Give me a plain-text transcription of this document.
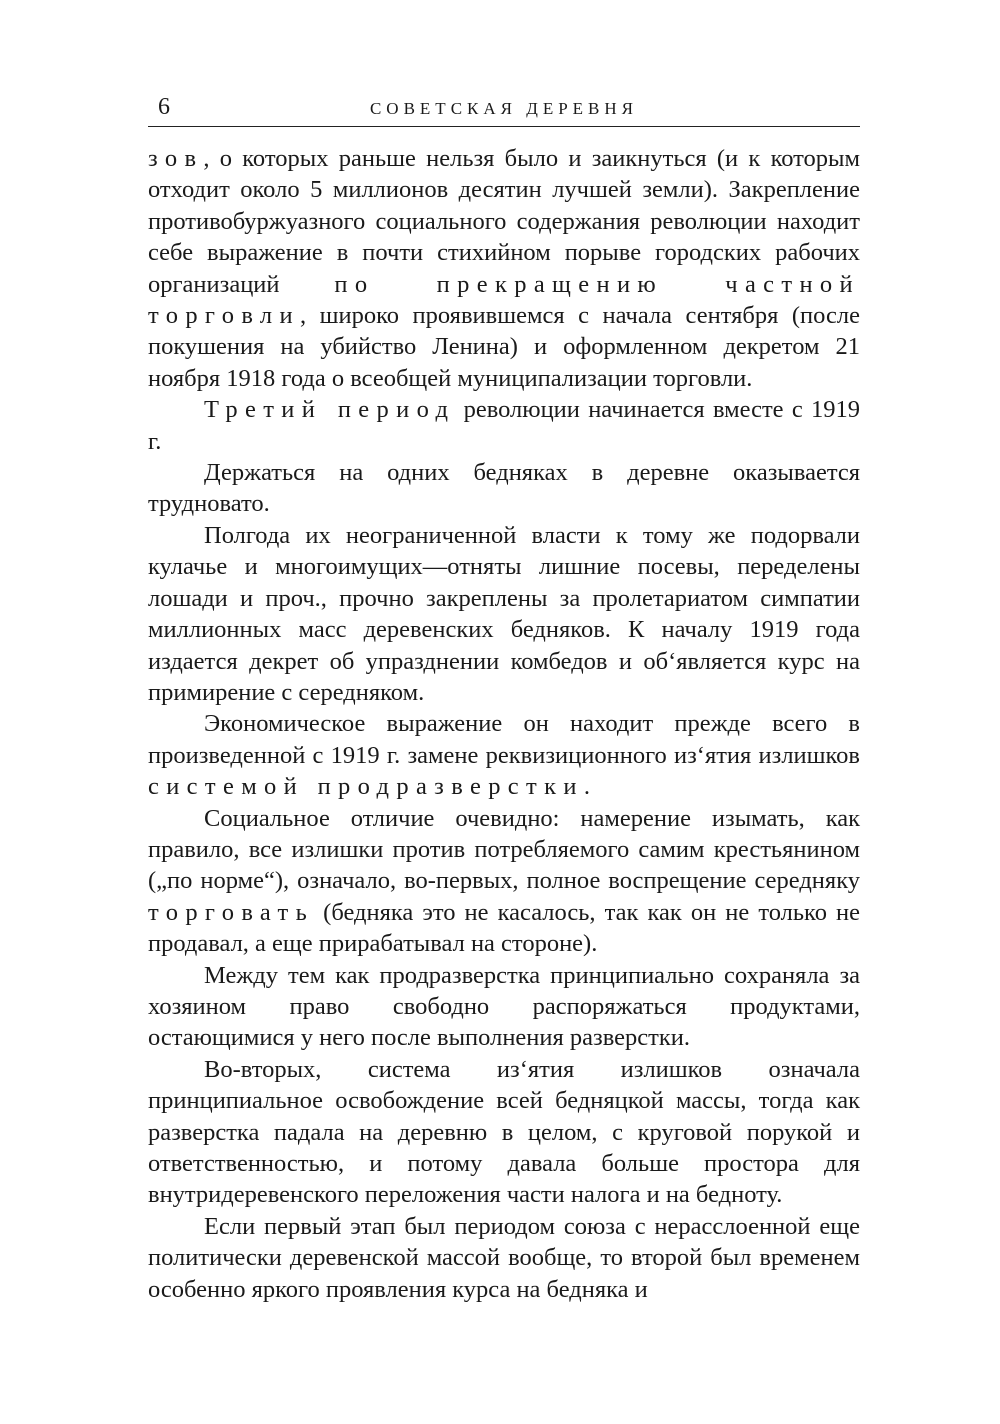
6	СОВЕТСКАЯ ДЕРЕВНЯ

зов, о которых раньше нельзя было и заикнуться (и к которым отходит около 5 миллионов десятин лучшей земли). Закрепление противобуржуазного социального содержания революции находит себе выражение в почти стихийном порыве городских рабочих организаций по прекращению частной торговли, широко проявившемся с начала сентября (после покушения на убийство Ленина) и оформленном декретом 21 ноября 1918 года о всеобщей муниципализации торговли.

Третий период революции начинается вместе с 1919 г.

Держаться на одних бедняках в деревне оказывается трудновато.

Полгода их неограниченной власти к тому же подорвали кулачье и многоимущих—отняты лишние посевы, переделены лошади и проч., прочно закреплены за пролетариатом симпатии миллионных масс деревенских бедняков. К началу 1919 года издается декрет об упразднении комбедов и об‘является курс на примирение с середняком.

Экономическое выражение он находит прежде всего в произведенной с 1919 г. замене реквизиционного из‘ятия излишков системой продразверстки.

Социальное отличие очевидно: намерение изымать, как правило, все излишки против потребляемого самим крестьянином („по норме“), означало, во-первых, полное воспрещение середняку торговать (бедняка это не касалось, так как он не только не продавал, а еще прирабатывал на стороне).

Между тем как продразверстка принципиально сохраняла за хозяином право свободно распоряжаться продуктами, остающимися у него после выполнения разверстки.

Во-вторых, система из‘ятия излишков означала принципиальное освобождение всей бедняцкой массы, тогда как разверстка падала на деревню в целом, с круговой порукой и ответственностью, и потому давала больше простора для внутридеревенского переложения части налога и на бедноту.

Если первый этап был периодом союза с нерасслоенной еще политически деревенской массой вообще, то второй был временем особенно яркого проявления курса на бедняка и
